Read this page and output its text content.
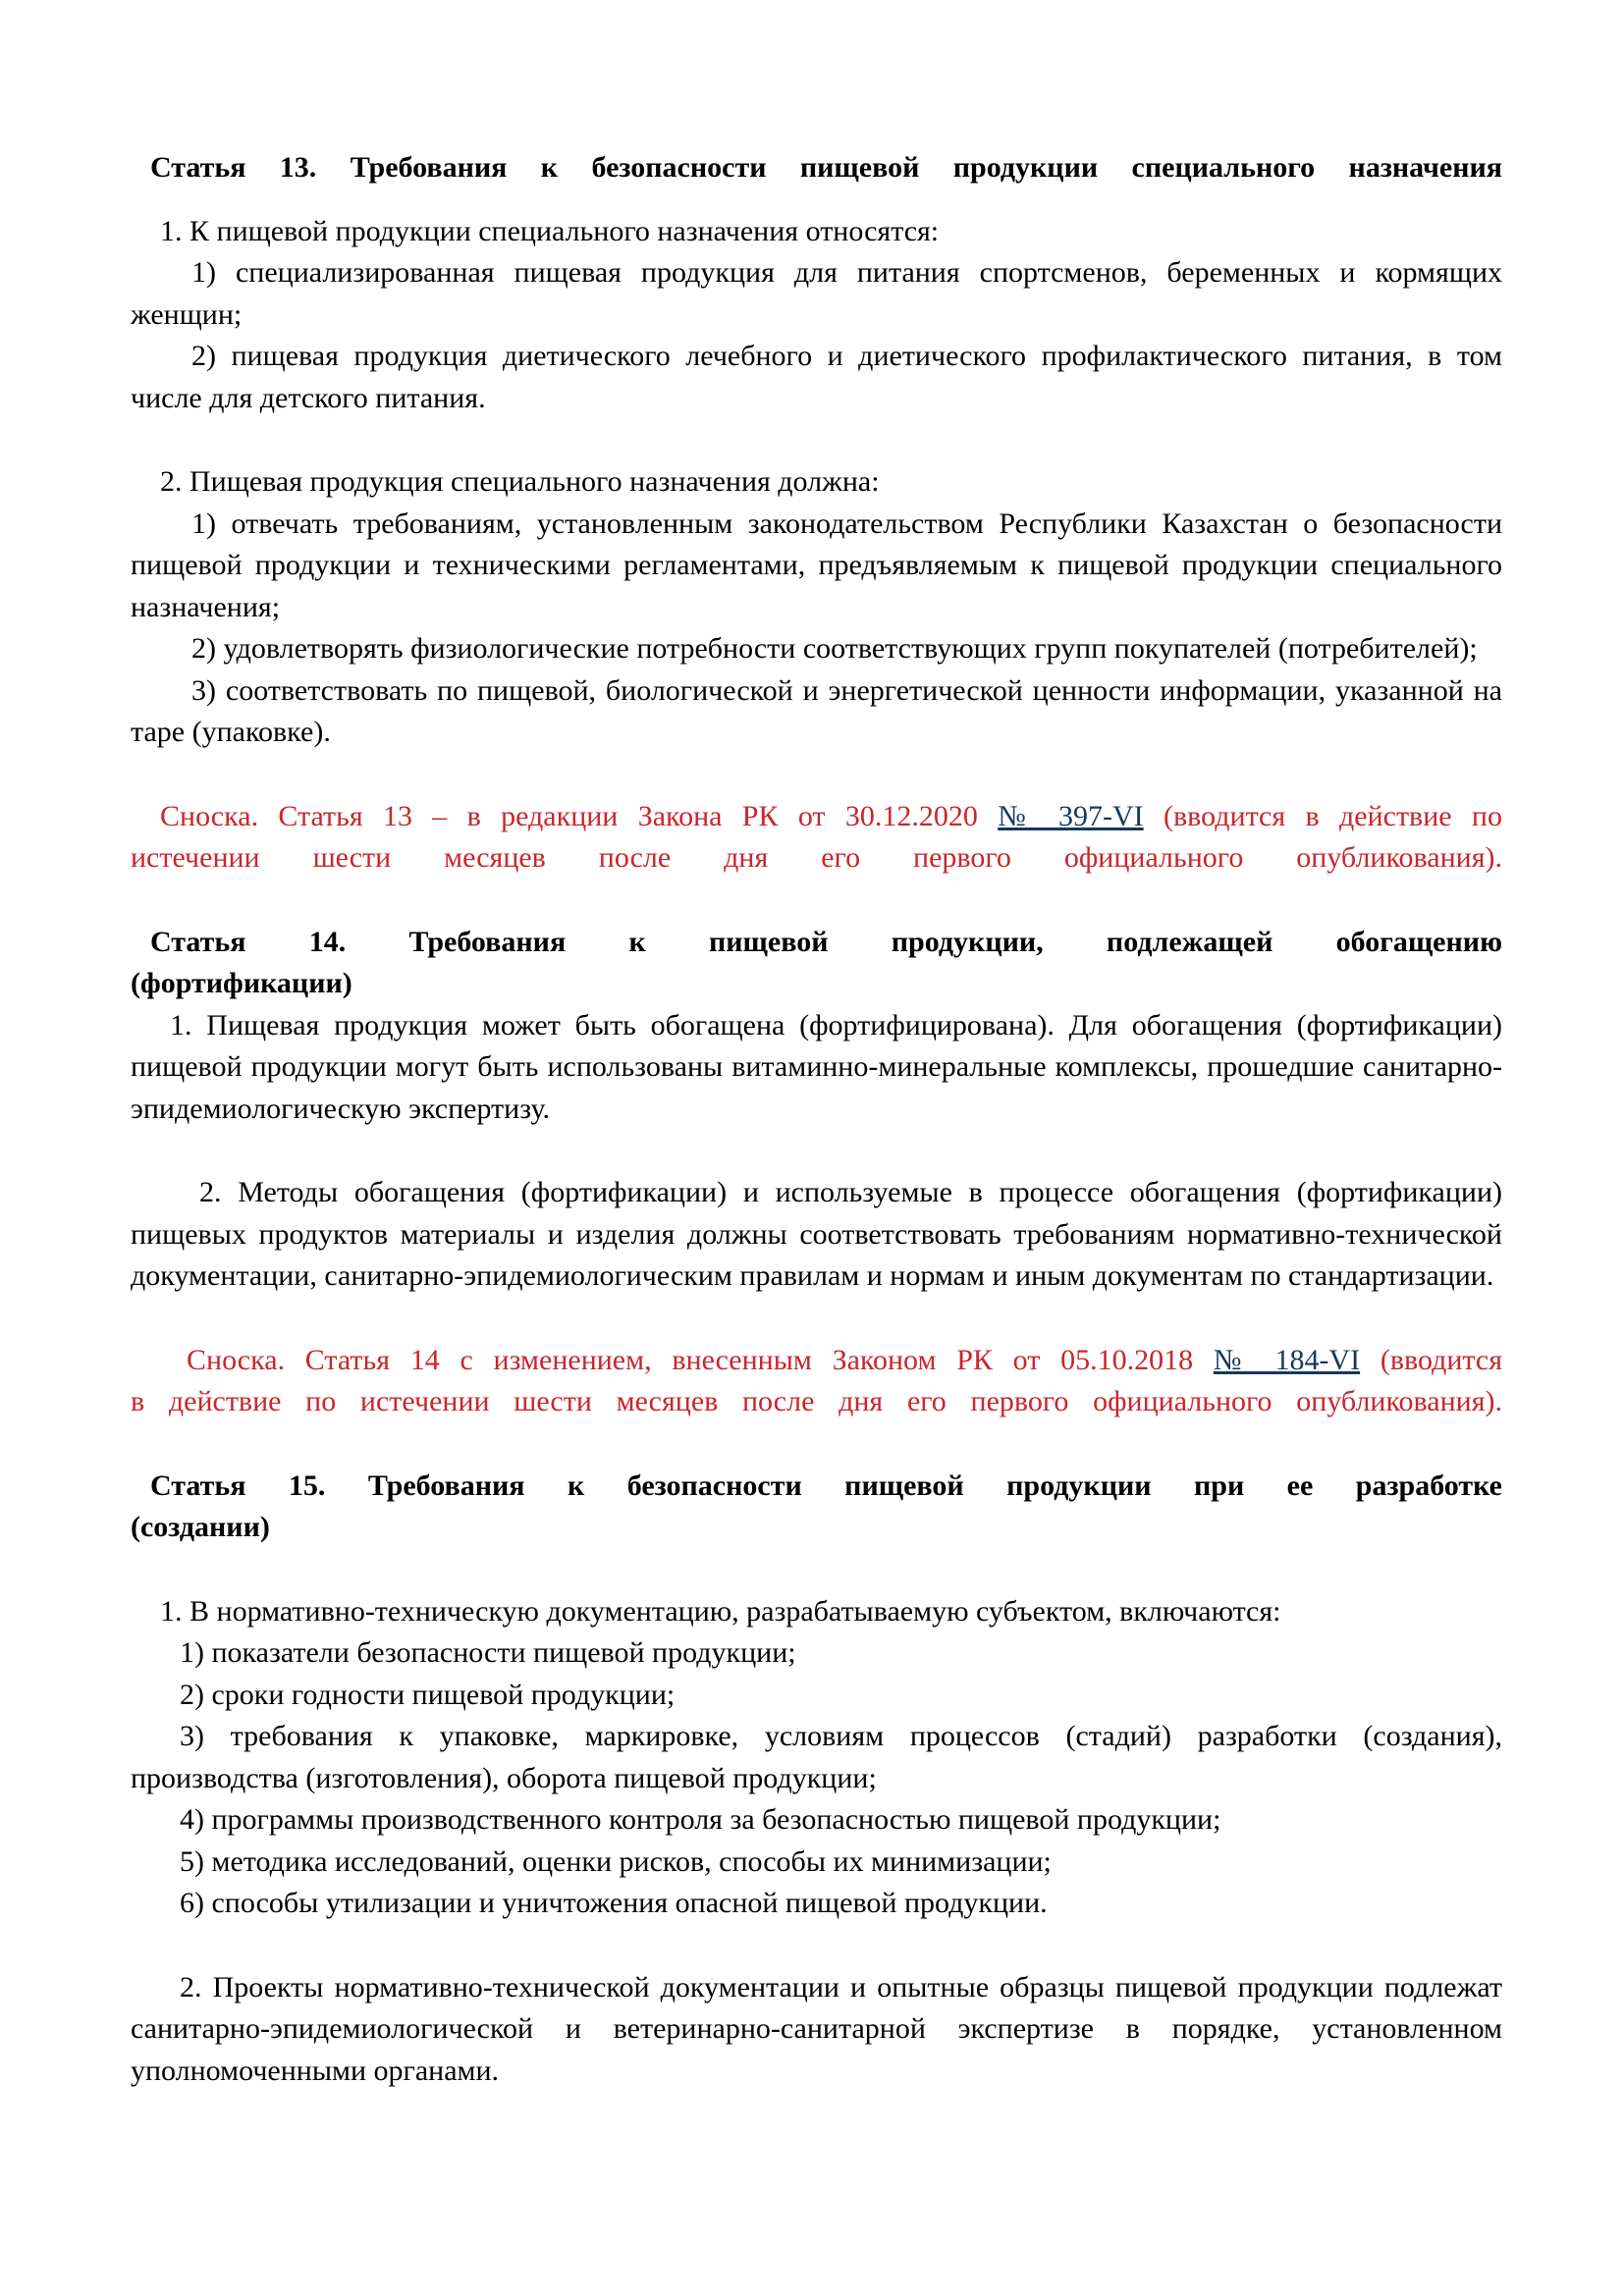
Статья 13. Требования к безопасности пищевой продукции специального назначения

1. К пищевой продукции специального назначения относятся:

1) специализированная пищевая продукция для питания спортсменов, беременных и кормящих женщин;

2) пищевая продукция диетического лечебного и диетического профилактического питания, в том числе для детского питания.

2. Пищевая продукция специального назначения должна:

1) отвечать требованиям, установленным законодательством Республики Казахстан о безопасности пищевой продукции и техническими регламентами, предъявляемым к пищевой продукции специального назначения;

2) удовлетворять физиологические потребности соответствующих групп покупателей (потребителей);

3) соответствовать по пищевой, биологической и энергетической ценности информации, указанной на таре (упаковке).

Сноска. Статья 13 – в редакции Закона РК от 30.12.2020 № 397-VI (вводится в действие по
истечении шести месяцев после дня его первого официального опубликования).

Статья 14. Требования к пищевой продукции, подлежащей обогащению
(фортификации)

1. Пищевая продукция может быть обогащена (фортифицирована). Для обогащения (фортификации) пищевой продукции могут быть использованы витаминно-минеральные комплексы, прошедшие санитарно-эпидемиологическую экспертизу.

2. Методы обогащения (фортификации) и используемые в процессе обогащения (фортификации) пищевых продуктов материалы и изделия должны соответствовать требованиям нормативно-технической документации, санитарно-эпидемиологическим правилам и нормам и иным документам по стандартизации.

Сноска. Статья 14 с изменением, внесенным Законом РК от 05.10.2018 № 184-VI (вводится
в действие по истечении шести месяцев после дня его первого официального опубликования).

Статья 15. Требования к безопасности пищевой продукции при ее разработке
(создании)

1. В нормативно-техническую документацию, разрабатываемую субъектом, включаются:

1) показатели безопасности пищевой продукции;

2) сроки годности пищевой продукции;

3) требования к упаковке, маркировке, условиям процессов (стадий) разработки (создания), производства (изготовления), оборота пищевой продукции;

4) программы производственного контроля за безопасностью пищевой продукции;

5) методика исследований, оценки рисков, способы их минимизации;

6) способы утилизации и уничтожения опасной пищевой продукции.

2. Проекты нормативно-технической документации и опытные образцы пищевой продукции подлежат санитарно-эпидемиологической и ветеринарно-санитарной экспертизе в порядке, установленном уполномоченными органами.
